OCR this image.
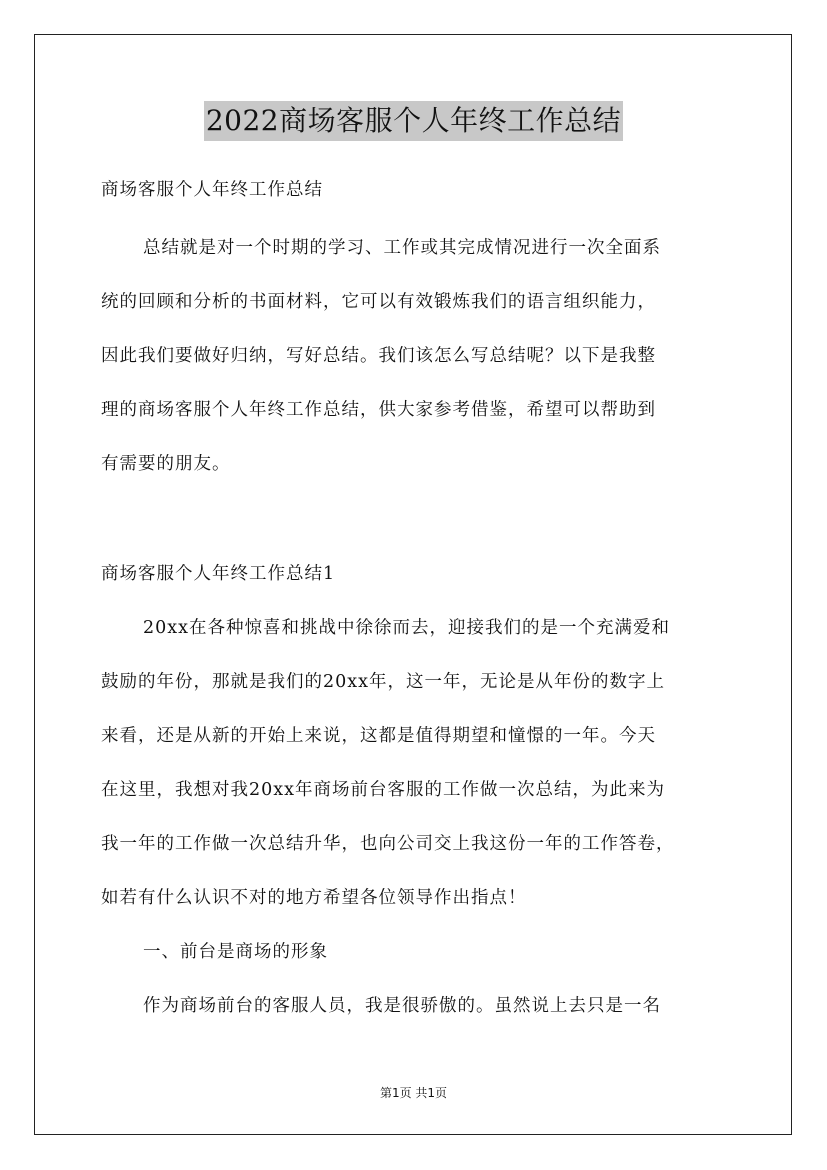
2022商场客服个人年终工作总结
商场客服个人年终工作总结
总结就是对一个时期的学习、工作或其完成情况进行一次全面系
统的回顾和分析的书面材料，它可以有效锻炼我们的语言组织能力，
因此我们要做好归纳，写好总结。我们该怎么写总结呢？以下是我整
理的商场客服个人年终工作总结，供大家参考借鉴，希望可以帮助到
有需要的朋友。
商场客服个人年终工作总结1
20xx在各种惊喜和挑战中徐徐而去，迎接我们的是一个充满爱和
鼓励的年份，那就是我们的20xx年，这一年，无论是从年份的数字上
来看，还是从新的开始上来说，这都是值得期望和憧憬的一年。今天
在这里，我想对我20xx年商场前台客服的工作做一次总结，为此来为
我一年的工作做一次总结升华，也向公司交上我这份一年的工作答卷，
如若有什么认识不对的地方希望各位领导作出指点！
一、前台是商场的形象
作为商场前台的客服人员，我是很骄傲的。虽然说上去只是一名
第1页 共1页
